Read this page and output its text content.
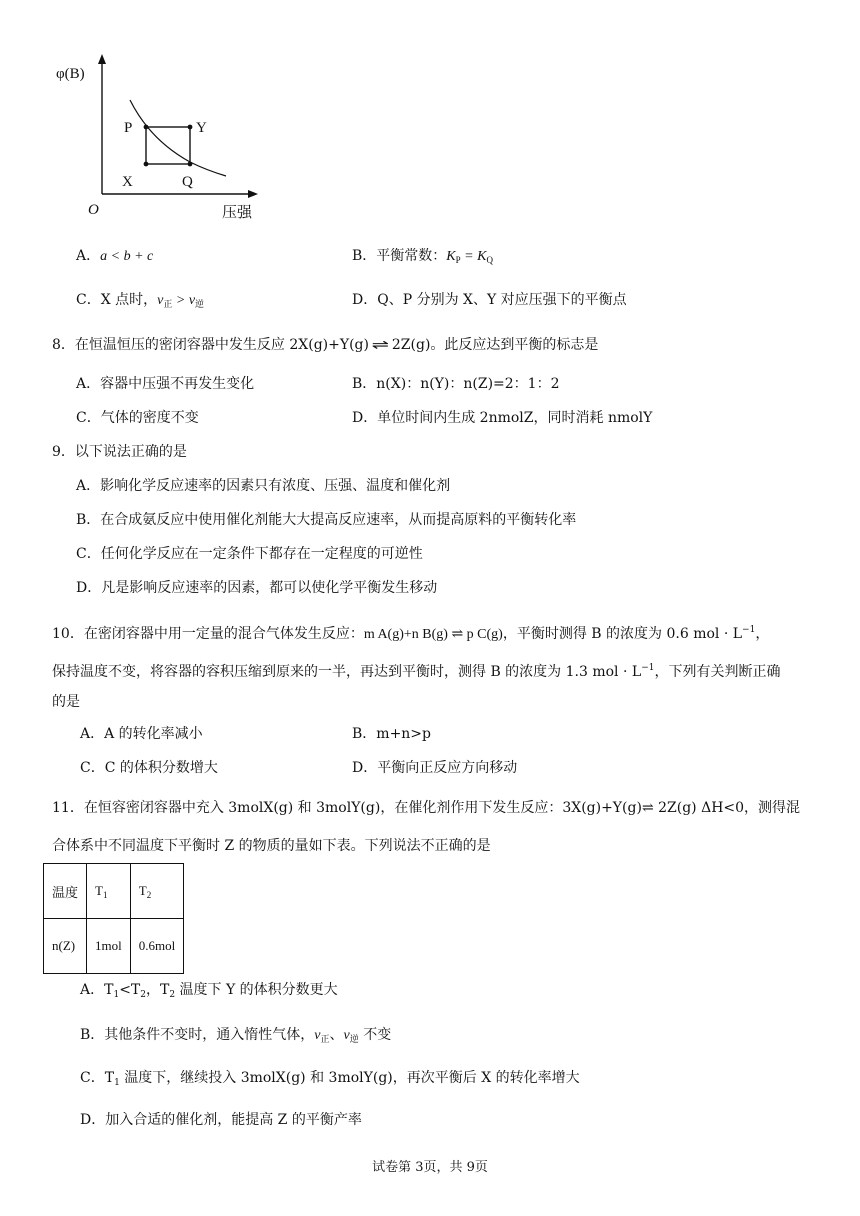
φ(B)
压强
O
P	Y
X	Q
A．a < b + c	B．平衡常数：$K_P = K_Q$
C．X 点时，$v_正 > v_逆$	D．Q、P 分别为 X、Y 对应压强下的平衡点
8．在恒温恒压的密闭容器中发生反应 2X(g)+Y(g) ⇌ 2Z(g)。此反应达到平衡的标志是
A．容器中压强不再发生变化	B．n(X)：n(Y)：n(Z)=2：1：2
C．气体的密度不变	D．单位时间内生成 2nmolZ，同时消耗 nmolY
9．以下说法正确的是
A．影响化学反应速率的因素只有浓度、压强、温度和催化剂
B．在合成氨反应中使用催化剂能大大提高反应速率，从而提高原料的平衡转化率
C．任何化学反应在一定条件下都存在一定程度的可逆性
D．凡是影响反应速率的因素，都可以使化学平衡发生移动
10．在密闭容器中用一定量的混合气体发生反应：m A(g)+n B(g) ⇌ p C(g)，平衡时测得 B 的浓度为 0.6 mol · $L^{-1}$，
保持温度不变，将容器的容积压缩到原来的一半，再达到平衡时，测得 B 的浓度为 1.3 mol · $L^{-1}$，下列有关判断正确
的是
A．A 的转化率减小	B．m+n>p
C．C 的体积分数增大	D．平衡向正反应方向移动
11．在恒容密闭容器中充入 3molX(g) 和 3molY(g)，在催化剂作用下发生反应：3X(g)+Y(g)⇌ 2Z(g) ΔH<0，测得混
合体系中不同温度下平衡时 Z 的物质的量如下表。下列说法不正确的是
温度	$T_1$	$T_2$
n(Z)	1mol	0.6mol
A．$T_1<T_2$，$T_2$ 温度下 Y 的体积分数更大
B．其他条件不变时，通入惰性气体，$v_正$、$v_逆$ 不变
C．$T_1$ 温度下，继续投入 3molX(g) 和 3molY(g)，再次平衡后 X 的转化率增大
D．加入合适的催化剂，能提高 Z 的平衡产率
试卷第 3页，共 9页
